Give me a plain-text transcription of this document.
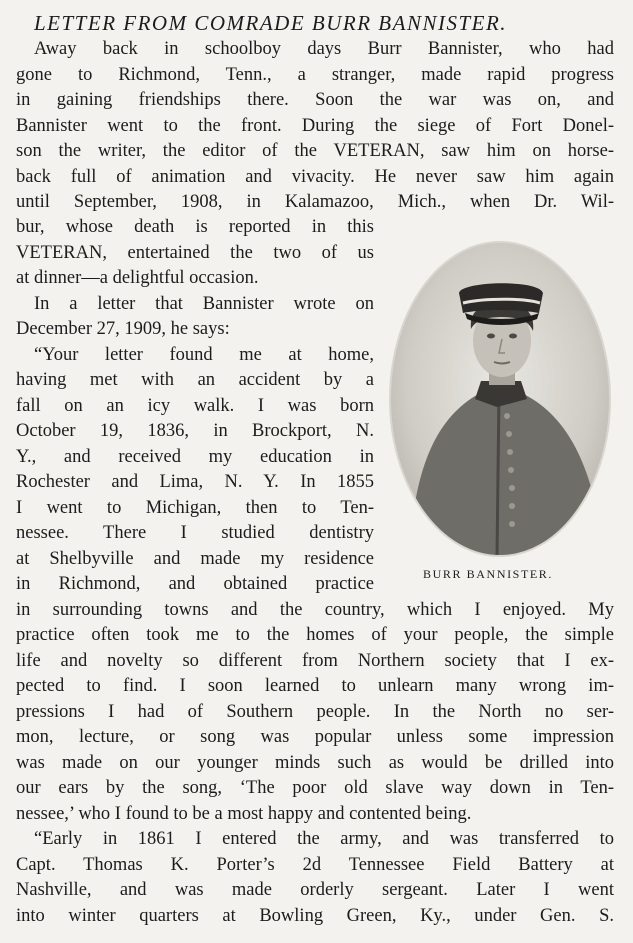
LETTER FROM COMRADE BURR BANNISTER.
Away back in schoolboy days Burr Bannister, who had
gone to Richmond, Tenn., a stranger, made rapid progress
in gaining friendships there. Soon the war was on, and
Bannister went to the front. During the siege of Fort Donel-
son the writer, the editor of the VETERAN, saw him on horse-
back full of animation and vivacity. He never saw him again
until September, 1908, in Kalamazoo, Mich., when Dr. Wil-
bur, whose death is reported in this
VETERAN, entertained the two of us
at dinner—a delightful occasion.
In a letter that Bannister wrote on
December 27, 1909, he says:
“Your letter found me at home,
having met with an accident by a
fall on an icy walk. I was born
October 19, 1836, in Brockport, N.
Y., and received my education in
Rochester and Lima, N. Y. In 1855
I went to Michigan, then to Ten-
nessee. There I studied dentistry
at Shelbyville and made my residence
in Richmond, and obtained practice
in surrounding towns and the country, which I enjoyed. My
practice often took me to the homes of your people, the simple
life and novelty so different from Northern society that I ex-
pected to find. I soon learned to unlearn many wrong im-
pressions I had of Southern people. In the North no ser-
mon, lecture, or song was popular unless some impression
was made on our younger minds such as would be drilled into
our ears by the song, ‘The poor old slave way down in Ten-
nessee,’ who I found to be a most happy and contented being.
“Early in 1861 I entered the army, and was transferred to
Capt. Thomas K. Porter’s 2d Tennessee Field Battery at
Nashville, and was made orderly sergeant. Later I went
into winter quarters at Bowling Green, Ky., under Gen. S.
BURR BANNISTER.
